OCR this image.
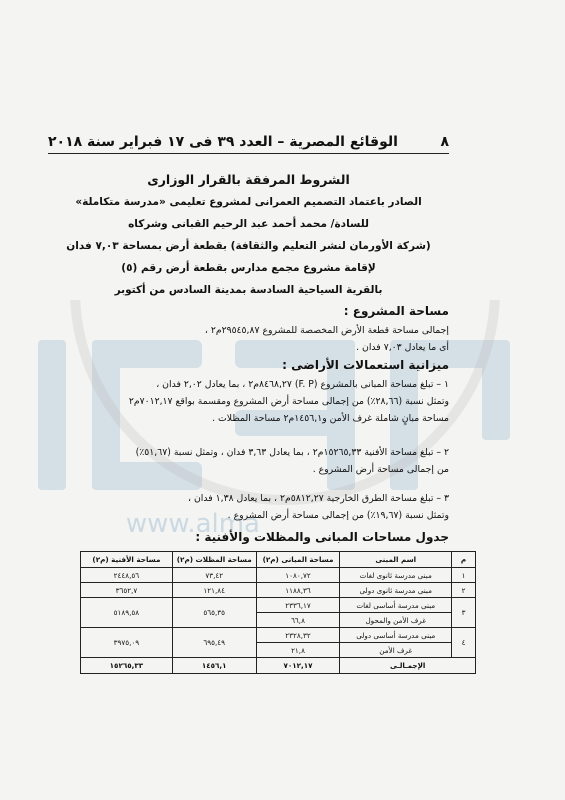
www.alma
٨
الوقائع المصرية – العدد ٣٩ فى ١٧ فبراير سنة ٢٠١٨
الشروط المرفقة بالقرار الوزارى
الصادر باعتماد التصميم العمرانى لمشروع تعليمى «مدرسة متكاملة»
للسادة/ محمد أحمد عبد الرحيم القبانى وشركاه
(شركة الأورمان لنشر التعليم والثقافة) بقطعة أرض بمساحة ٧,٠٣ فدان
لإقامة مشروع مجمع مدارس بقطعة أرض رقم (٥)
بالقرية السياحية السادسة بمدينة السادس من أكتوبر
مساحة المشروع :

إجمالى مساحة قطعة الأرض المخصصة للمشروع ٢٩٥٤٥,٨٧م٢ ،

أى ما يعادل ٧,٠٣ فدان .

ميزانية استعمالات الأراضى :

١ – تبلغ مساحة المبانى بالمشروع (F. P) ٨٤٦٨,٢٧م٢ ، بما يعادل ٢,٠٢ فدان ،

وتمثل نسبة (٢٨,٦٦٪) من إجمالى مساحة أرض المشروع ومقسمة بواقع ٧٠١٢,١٧م٢

مساحة مبانٍ شاملة غرف الأمن و١٤٥٦,١م٢ مساحة المظلات .

٢ – تبلغ مساحة الأفنية ١٥٢٦٥,٣٣م٢ ، بما يعادل ٣,٦٣ فدان ، وتمثل نسبة (٥١,٦٧٪)

من إجمالى مساحة أرض المشروع .

٣ – تبلغ مساحة الطرق الخارجية ٥٨١٢,٢٧م٢ ، بما يعادل ١,٣٨ فدان ،

وتمثل نسبة (١٩,٦٧٪) من إجمالى مساحة أرض المشروع .

جدول مساحات المبانى والمظلات والأفنية :
م	اسم المبنى	مساحة المبانى (م٢)	مساحة المظلات (م٢)	مساحة الأفنية (م٢)
١	مبنى مدرسة ثانوى لغات	١٠٨٠,٧٢	٧٣,٤٢	٢٤٤٨,٥٦
٢	مبنى مدرسة ثانوى دولى	١١٨٨,٣٦	١٢١,٨٤	٣٦٥٢,٧
٣	مبنى مدرسة أساسى لغات	٢٣٣٦,١٧	٥٦٥,٣٥	٥١٨٩,٥٨
	غرف الأمن والمحول	٦٦,٨		
٤	مبنى مدرسة أساسى دولى	٢٣٢٨,٣٢	٦٩٥,٤٩	٣٩٧٥,٠٩
	غرف الأمن	٢١,٨		
الإجمـالـى		٧٠١٢,١٧	١٤٥٦,١	١٥٢٦٥,٣٣
